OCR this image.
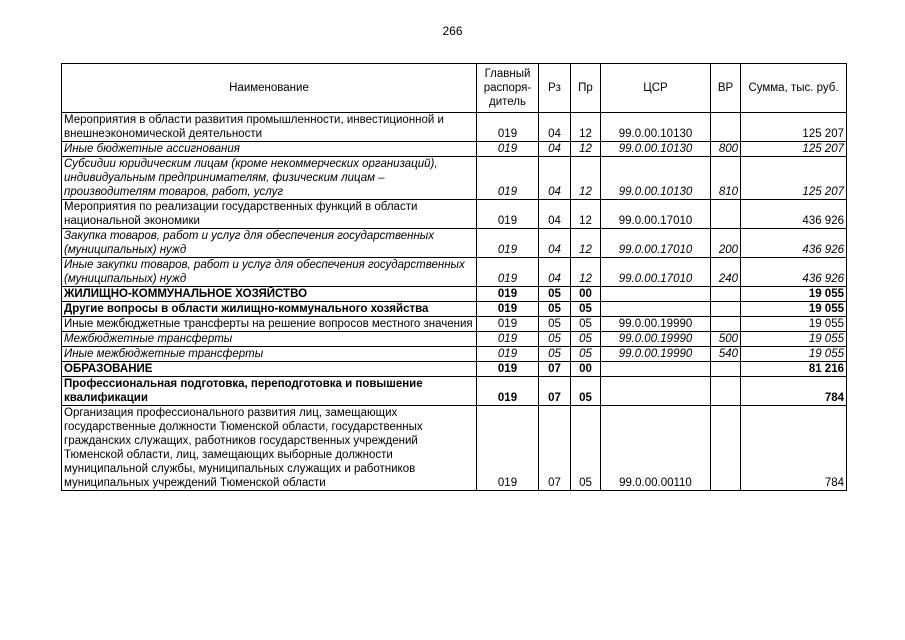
266
Наименование	Главный распоря-дитель	Рз	Пр	ЦСР	ВР	Сумма, тыс. руб.
Мероприятия в области развития промышленности, инвестиционной и внешнеэкономической деятельности	019	04	12	99.0.00.10130		125 207
Иные бюджетные ассигнования	019	04	12	99.0.00.10130	800	125 207
Субсидии юридическим лицам (кроме некоммерческих организаций), индивидуальным предпринимателям, физическим лицам – производителям товаров, работ, услуг	019	04	12	99.0.00.10130	810	125 207
Мероприятия по реализации государственных функций в области национальной экономики	019	04	12	99.0.00.17010		436 926
Закупка товаров, работ и услуг для обеспечения государственных (муниципальных) нужд	019	04	12	99.0.00.17010	200	436 926
Иные закупки товаров, работ и услуг для обеспечения государственных (муниципальных) нужд	019	04	12	99.0.00.17010	240	436 926
ЖИЛИЩНО-КОММУНАЛЬНОЕ ХОЗЯЙСТВО	019	05	00			19 055
Другие вопросы в области жилищно-коммунального хозяйства	019	05	05			19 055
Иные межбюджетные трансферты на решение вопросов местного значения	019	05	05	99.0.00.19990		19 055
Межбюджетные трансферты	019	05	05	99.0.00.19990	500	19 055
Иные межбюджетные трансферты	019	05	05	99.0.00.19990	540	19 055
ОБРАЗОВАНИЕ	019	07	00			81 216
Профессиональная подготовка, переподготовка и повышение квалификации	019	07	05			784
Организация профессионального развития лиц, замещающих государственные должности Тюменской области, государственных гражданских служащих, работников государственных учреждений Тюменской области, лиц, замещающих выборные должности муниципальной службы, муниципальных служащих и работников муниципальных учреждений Тюменской области	019	07	05	99.0.00.00110		784
